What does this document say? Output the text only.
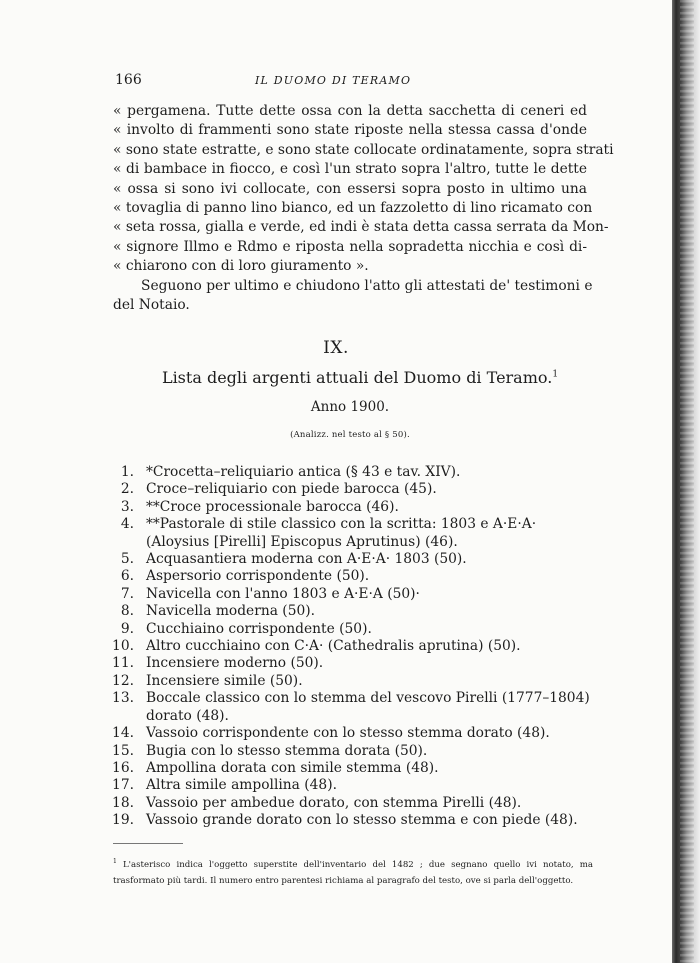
166	IL DUOMO DI TERAMO
« pergamena. Tutte dette ossa con la detta sacchetta di ceneri ed
« involto di frammenti sono state riposte nella stessa cassa d'onde
« sono state estratte, e sono state collocate ordinatamente, sopra strati
« di bambace in fiocco, e così l'un strato sopra l'altro, tutte le dette
« ossa si sono ivi collocate, con essersi sopra posto in ultimo una
« tovaglia di panno lino bianco, ed un fazzoletto di lino ricamato con
« seta rossa, gialla e verde, ed indi è stata detta cassa serrata da Mon-
« signore Illmo e Rdmo e riposta nella sopradetta nicchia e così di-
« chiarono con di loro giuramento ».
Seguono per ultimo e chiudono l'atto gli attestati de' testimoni e
del Notaio.
IX.
Lista degli argenti attuali del Duomo di Teramo.$^1$
Anno 1900.
(Analizz. nel testo al § 50).
1. *Crocetta–reliquiario antica (§ 43 e tav. XIV).
2. Croce–reliquiario con piede barocca (45).
3. **Croce processionale barocca (46).
4. **Pastorale di stile classico con la scritta: 1803 e A·E·A· (Aloysius [Pirelli] Episcopus Aprutinus) (46).
5. Acquasantiera moderna con A·E·A· 1803 (50).
6. Aspersorio corrispondente (50).
7. Navicella con l'anno 1803 e A·E·A (50)·
8. Navicella moderna (50).
9. Cucchiaino corrispondente (50).
10. Altro cucchiaino con C·A· (Cathedralis aprutina) (50).
11. Incensiere moderno (50).
12. Incensiere simile (50).
13. Boccale classico con lo stemma del vescovo Pirelli (1777–1804) dorato (48).
14. Vassoio corrispondente con lo stesso stemma dorato (48).
15. Bugia con lo stesso stemma dorata (50).
16. Ampollina dorata con simile stemma (48).
17. Altra simile ampollina (48).
18. Vassoio per ambedue dorato, con stemma Pirelli (48).
19. Vassoio grande dorato con lo stesso stemma e con piede (48).
$^1$ L'asterisco indica l'oggetto superstite dell'inventario del 1482 ; due segnano quello ivi notato, ma trasformato più tardi. Il numero entro parentesi richiama al paragrafo del testo, ove si parla dell'oggetto.
